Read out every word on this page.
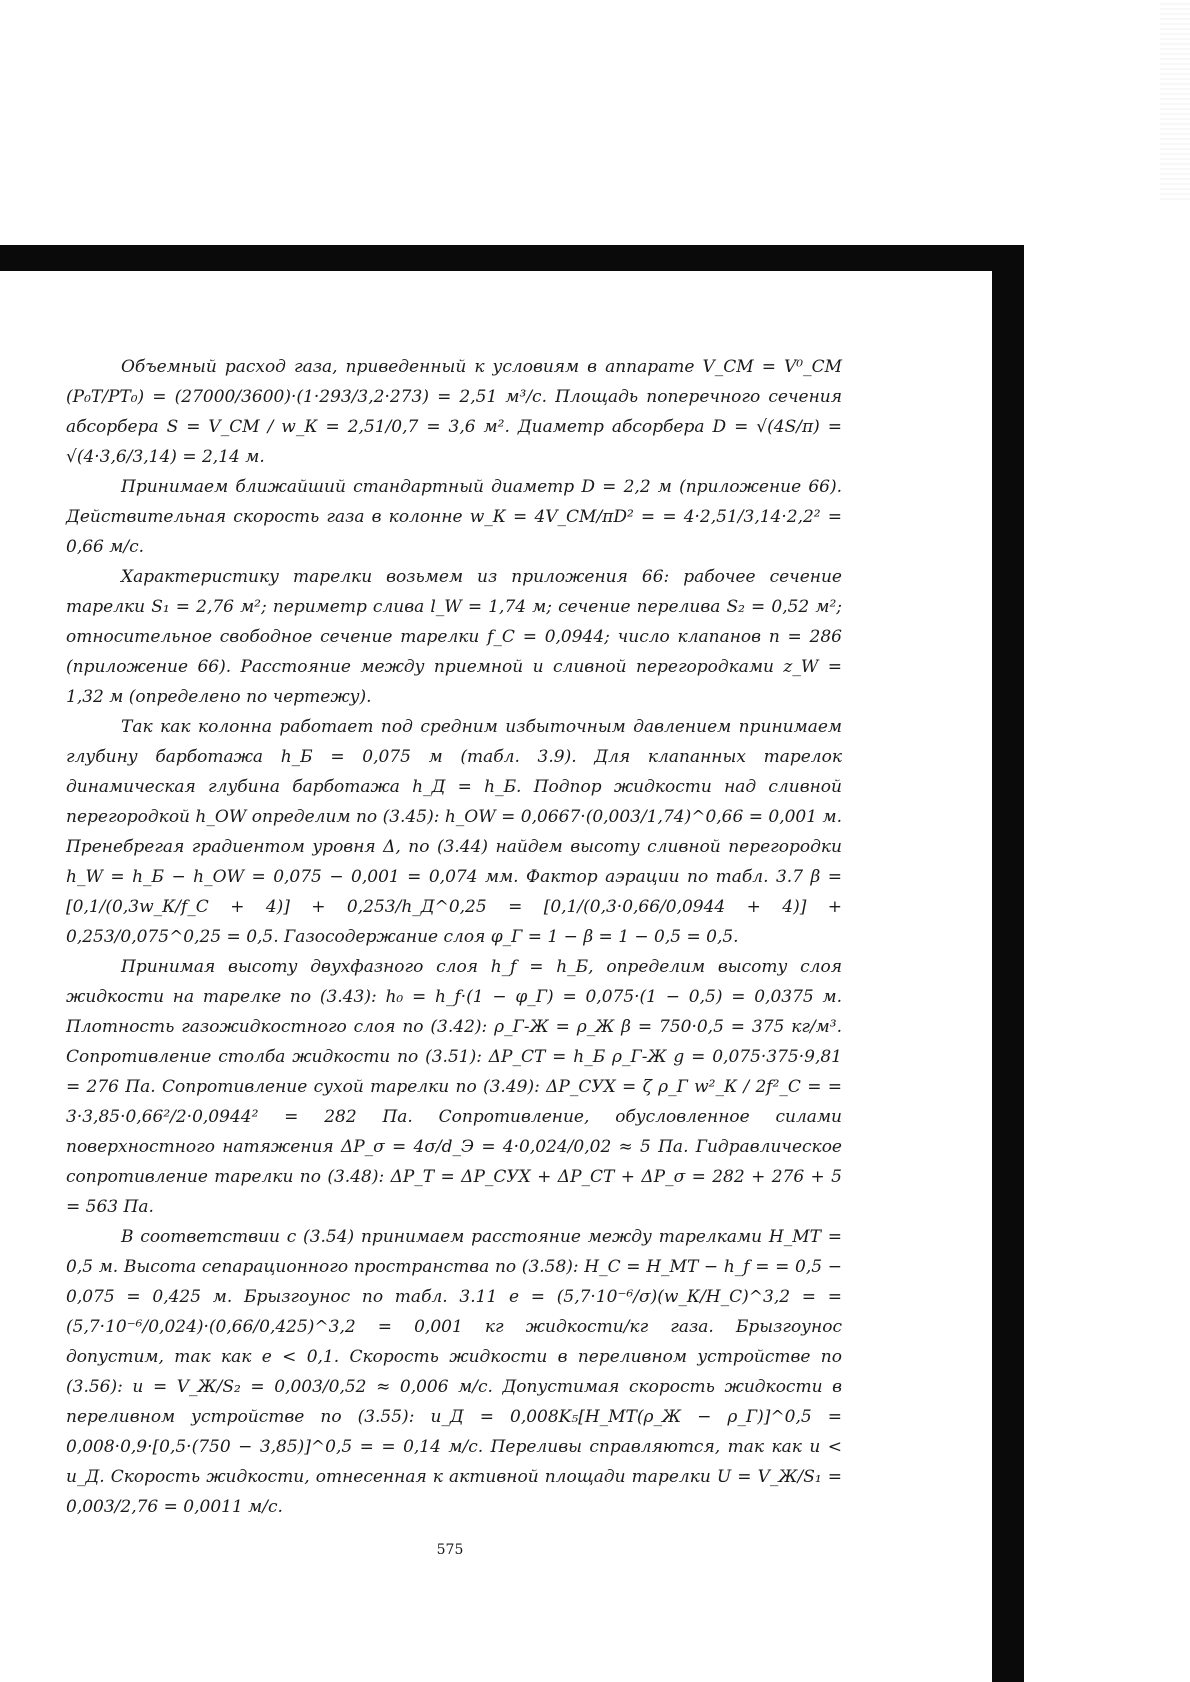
Объемный расход газа, приведенный к условиям в аппарате V_СМ = V⁰_СМ (P₀T/PT₀) = (27000/3600)·(1·293/3,2·273) = 2,51 м³/с. Площадь поперечного сечения абсорбера S = V_СМ / w_К = 2,51/0,7 = 3,6 м². Диаметр абсорбера D = √(4S/π) = √(4·3,6/3,14) = 2,14 м.

Принимаем ближайший стандартный диаметр D = 2,2 м (приложение 66). Действительная скорость газа в колонне w_К = 4V_СМ/πD² = = 4·2,51/3,14·2,2² = 0,66 м/с.

Характеристику тарелки возьмем из приложения 66: рабочее сечение тарелки S₁ = 2,76 м²; периметр слива l_W = 1,74 м; сечение перелива S₂ = 0,52 м²; относительное свободное сечение тарелки f_С = 0,0944; число клапанов n = 286 (приложение 66). Расстояние между приемной и сливной перегородками z_W = 1,32 м (определено по чертежу).

Так как колонна работает под средним избыточным давлением принимаем глубину барботажа h_Б = 0,075 м (табл. 3.9). Для клапанных тарелок динамическая глубина барботажа h_Д = h_Б. Подпор жидкости над сливной перегородкой h_OW определим по (3.45): h_OW = 0,0667·(0,003/1,74)^0,66 = 0,001 м. Пренебрегая градиентом уровня Δ, по (3.44) найдем высоту сливной перегородки h_W = h_Б − h_OW = 0,075 − 0,001 = 0,074 мм. Фактор аэрации по табл. 3.7 β = [0,1/(0,3w_К/f_С + 4)] + 0,253/h_Д^0,25 = [0,1/(0,3·0,66/0,0944 + 4)] + 0,253/0,075^0,25 = 0,5. Газосодержание слоя φ_Г = 1 − β = 1 − 0,5 = 0,5.

Принимая высоту двухфазного слоя h_f = h_Б, определим высоту слоя жидкости на тарелке по (3.43): h₀ = h_f·(1 − φ_Г) = 0,075·(1 − 0,5) = 0,0375 м. Плотность газожидкостного слоя по (3.42): ρ_Г-Ж = ρ_Ж β = 750·0,5 = 375 кг/м³. Сопротивление столба жидкости по (3.51): ΔP_СТ = h_Б ρ_Г-Ж g = 0,075·375·9,81 = 276 Па. Сопротивление сухой тарелки по (3.49): ΔP_СУХ = ζ ρ_Г w²_К / 2f²_С = = 3·3,85·0,66²/2·0,0944² = 282 Па. Сопротивление, обусловленное силами поверхностного натяжения ΔP_σ = 4σ/d_Э = 4·0,024/0,02 ≈ 5 Па. Гидравлическое сопротивление тарелки по (3.48): ΔP_Т = ΔP_СУХ + ΔP_СТ + ΔP_σ = 282 + 276 + 5 = 563 Па.

В соответствии с (3.54) принимаем расстояние между тарелками H_МТ = 0,5 м. Высота сепарационного пространства по (3.58): H_С = H_МТ − h_f = = 0,5 − 0,075 = 0,425 м. Брызгоунос по табл. 3.11 e = (5,7·10⁻⁶/σ)(w_К/H_С)^3,2 = = (5,7·10⁻⁶/0,024)·(0,66/0,425)^3,2 = 0,001 кг жидкости/кг газа. Брызгоунос допустим, так как e < 0,1. Скорость жидкости в переливном устройстве по (3.56): u = V_Ж/S₂ = 0,003/0,52 ≈ 0,006 м/с. Допустимая скорость жидкости в переливном устройстве по (3.55): u_Д = 0,008K₅[H_МТ(ρ_Ж − ρ_Г)]^0,5 = 0,008·0,9·[0,5·(750 − 3,85)]^0,5 = = 0,14 м/с. Переливы справляются, так как u < u_Д. Скорость жидкости, отнесенная к активной площади тарелки U = V_Ж/S₁ = 0,003/2,76 = 0,0011 м/с.

575
